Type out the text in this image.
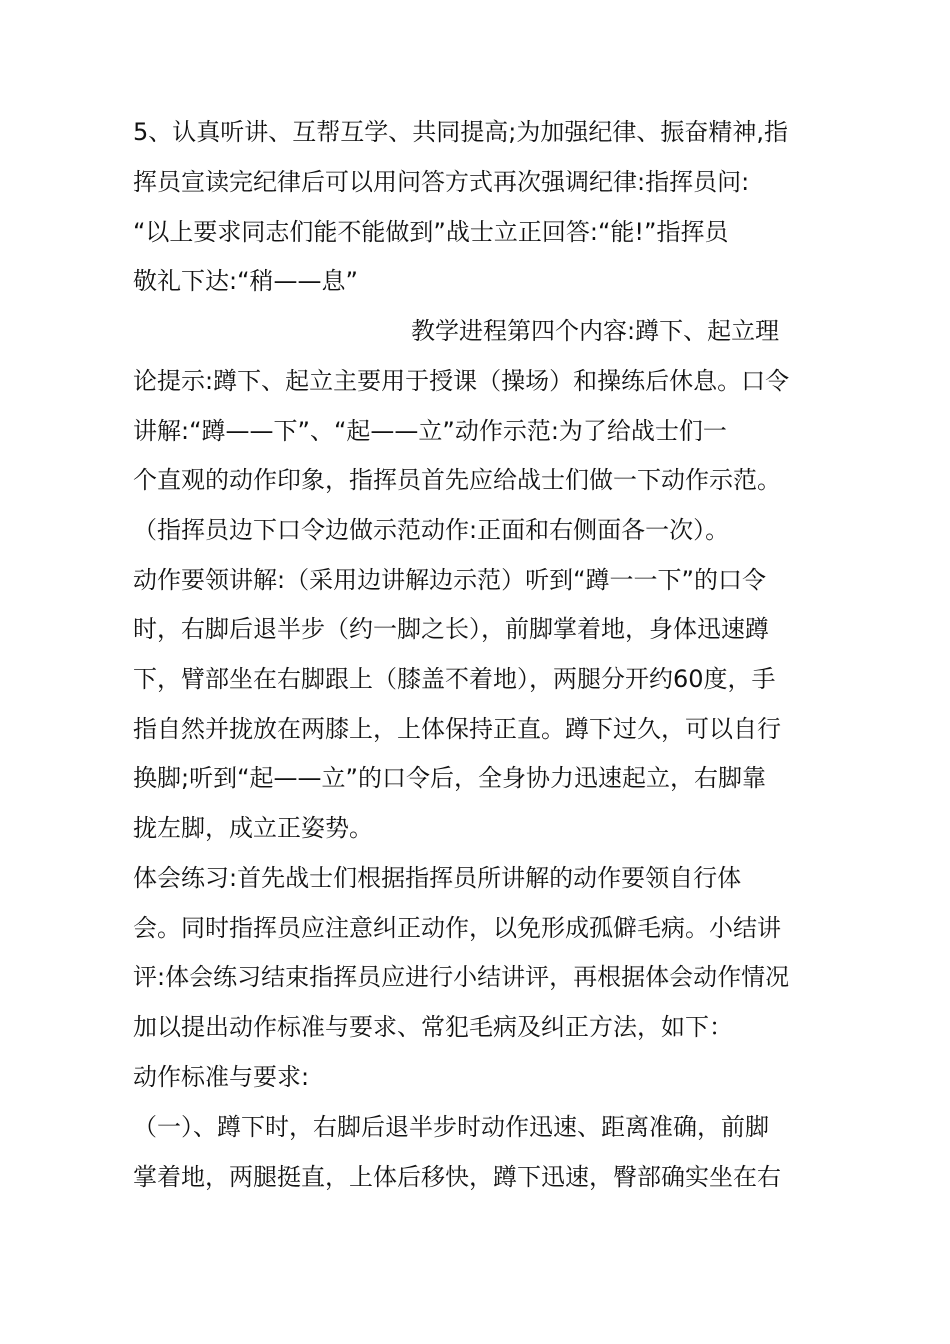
5、认真听讲、互帮互学、共同提高;为加强纪律、振奋精神,指
挥员宣读完纪律后可以用问答方式再次强调纪律:指挥员问:
“以上要求同志们能不能做到”战士立正回答:“能!”指挥员
敬礼下达:“稍——息”
教学进程第四个内容:蹲下、起立理
论提示:蹲下、起立主要用于授课（操场）和操练后休息。口令
讲解:“蹲——下”、“起——立”动作示范:为了给战士们一
个直观的动作印象，指挥员首先应给战士们做一下动作示范。
（指挥员边下口令边做示范动作:正面和右侧面各一次）。
动作要领讲解:（采用边讲解边示范）听到“蹲一一下”的口令
时，右脚后退半步（约一脚之长），前脚掌着地，身体迅速蹲
下，臂部坐在右脚跟上（膝盖不着地），两腿分开约60度，手
指自然并拢放在两膝上，上体保持正直。蹲下过久，可以自行
换脚;听到“起——立”的口令后，全身协力迅速起立，右脚靠
拢左脚，成立正姿势。
体会练习:首先战士们根据指挥员所讲解的动作要领自行体
会。同时指挥员应注意纠正动作，以免形成孤僻毛病。小结讲
评:体会练习结束指挥员应进行小结讲评，再根据体会动作情况
加以提出动作标准与要求、常犯毛病及纠正方法，如下：
动作标准与要求:
（一）、蹲下时，右脚后退半步时动作迅速、距离准确，前脚
掌着地，两腿挺直，上体后移快，蹲下迅速，臀部确实坐在右
